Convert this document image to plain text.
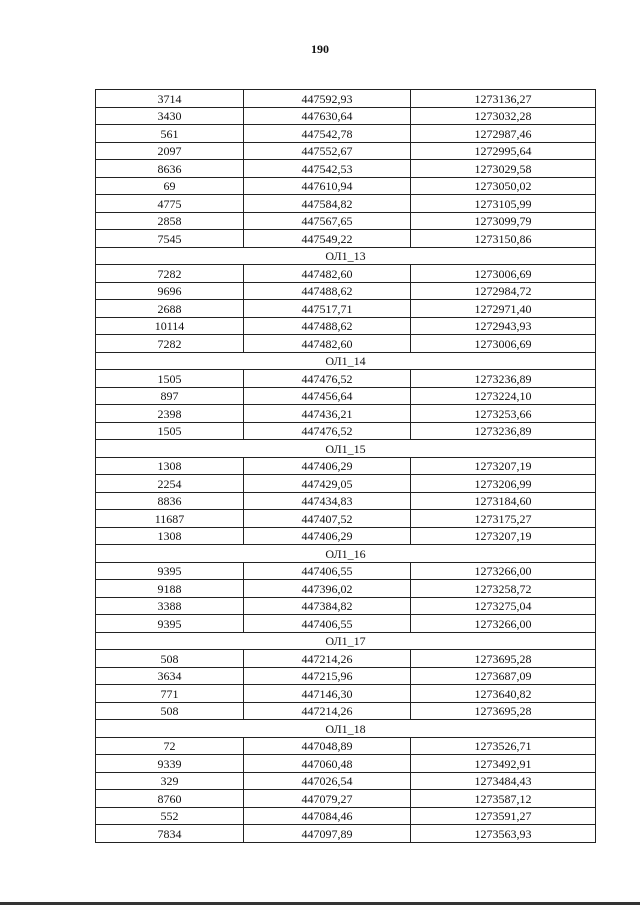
190
3714	447592,93	1273136,27
3430	447630,64	1273032,28
561	447542,78	1272987,46
2097	447552,67	1272995,64
8636	447542,53	1273029,58
69	447610,94	1273050,02
4775	447584,82	1273105,99
2858	447567,65	1273099,79
7545	447549,22	1273150,86
ОЛ1_13		
7282	447482,60	1273006,69
9696	447488,62	1272984,72
2688	447517,71	1272971,40
10114	447488,62	1272943,93
7282	447482,60	1273006,69
ОЛ1_14		
1505	447476,52	1273236,89
897	447456,64	1273224,10
2398	447436,21	1273253,66
1505	447476,52	1273236,89
ОЛ1_15		
1308	447406,29	1273207,19
2254	447429,05	1273206,99
8836	447434,83	1273184,60
11687	447407,52	1273175,27
1308	447406,29	1273207,19
ОЛ1_16		
9395	447406,55	1273266,00
9188	447396,02	1273258,72
3388	447384,82	1273275,04
9395	447406,55	1273266,00
ОЛ1_17		
508	447214,26	1273695,28
3634	447215,96	1273687,09
771	447146,30	1273640,82
508	447214,26	1273695,28
ОЛ1_18		
72	447048,89	1273526,71
9339	447060,48	1273492,91
329	447026,54	1273484,43
8760	447079,27	1273587,12
552	447084,46	1273591,27
7834	447097,89	1273563,93
